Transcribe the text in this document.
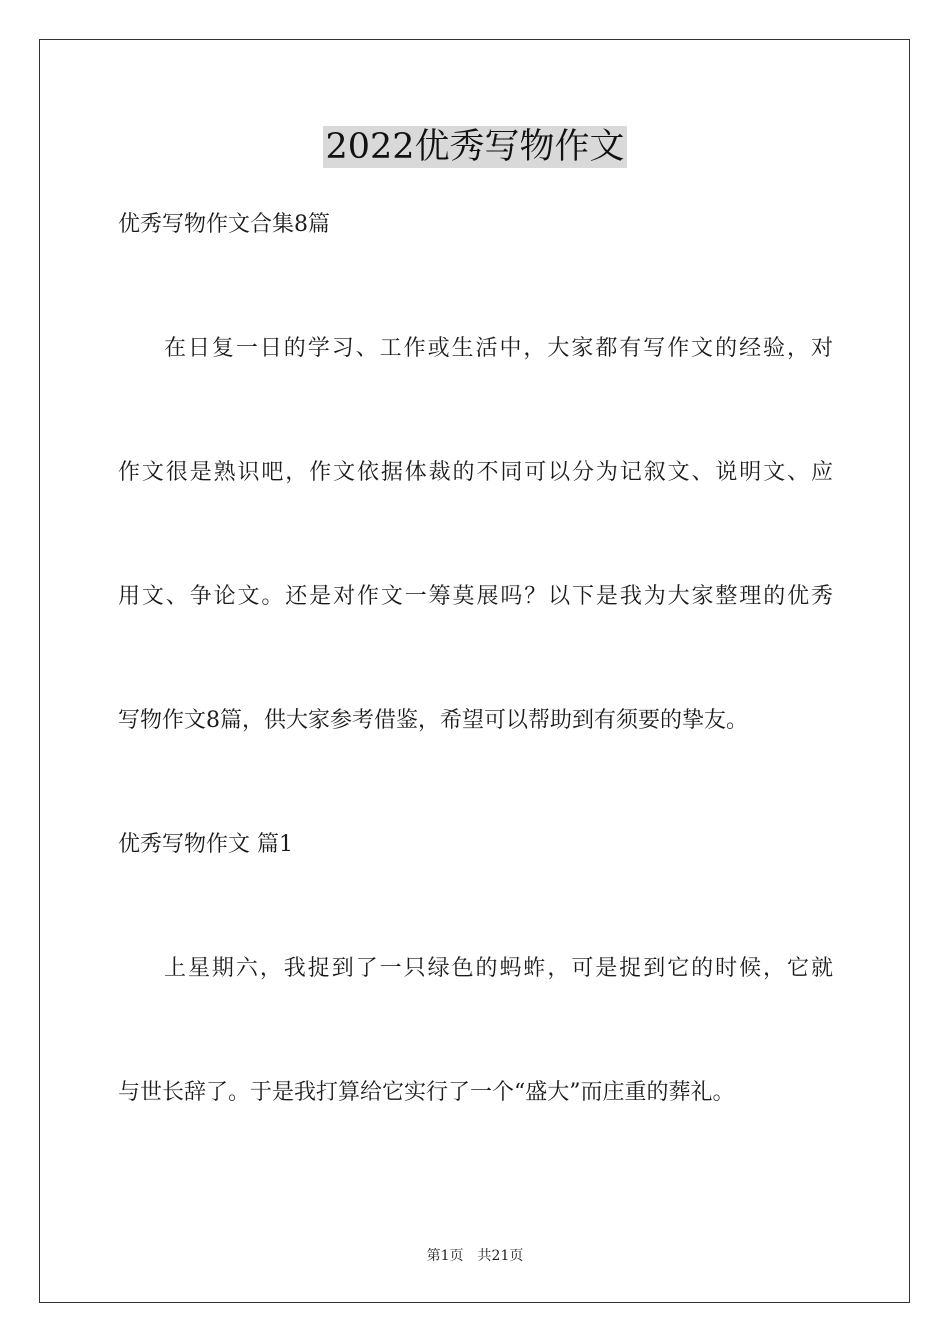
2022优秀写物作文
优秀写物作文合集8篇
在日复一日的学习、工作或生活中，大家都有写作文的经验，对
作文很是熟识吧，作文依据体裁的不同可以分为记叙文、说明文、应
用文、争论文。还是对作文一筹莫展吗？以下是我为大家整理的优秀
写物作文8篇，供大家参考借鉴，希望可以帮助到有须要的挚友。
优秀写物作文 篇1
上星期六，我捉到了一只绿色的蚂蚱，可是捉到它的时候，它就
与世长辞了。于是我打算给它实行了一个“盛大”而庄重的葬礼。
第1页 共21页
